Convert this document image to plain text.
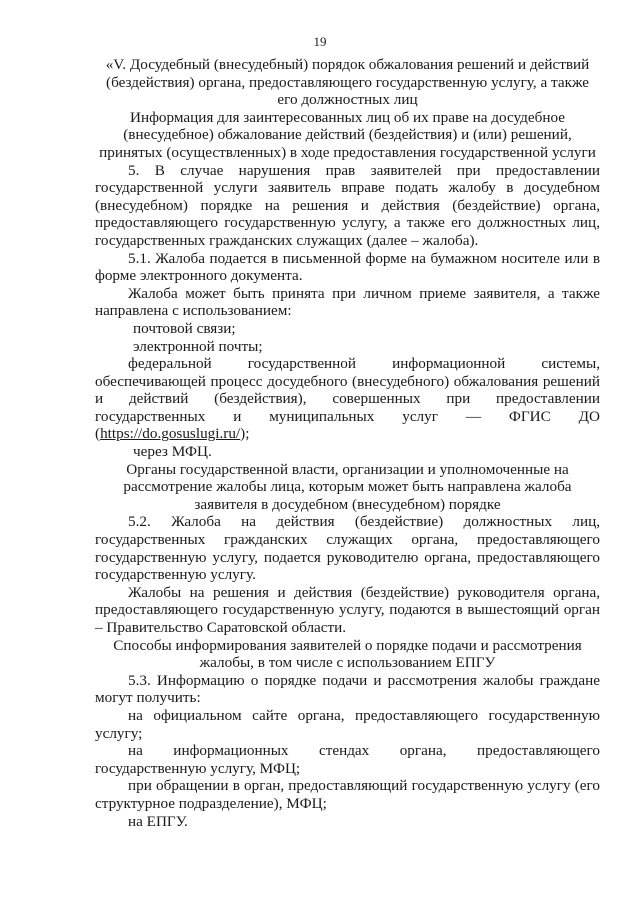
19

«V. Досудебный (внесудебный) порядок обжалования решений и действий (бездействия) органа, предоставляющего государственную услугу, а также его должностных лиц

Информация для заинтересованных лиц об их праве на досудебное (внесудебное) обжалование действий (бездействия) и (или) решений, принятых (осуществленных) в ходе предоставления государственной услуги

5. В случае нарушения прав заявителей при предоставлении государственной услуги заявитель вправе подать жалобу в досудебном (внесудебном) порядке на решения и действия (бездействие) органа, предоставляющего государственную услугу, а также его должностных лиц, государственных гражданских служащих (далее – жалоба).

5.1. Жалоба подается в письменной форме на бумажном носителе или в форме электронного документа.

Жалоба может быть принята при личном приеме заявителя, а также направлена с использованием:

почтовой связи;

электронной почты;

федеральной государственной информационной системы, обеспечивающей процесс досудебного (внесудебного) обжалования решений и действий (бездействия), совершенных при предоставлении государственных и муниципальных услуг — ФГИС ДО (https://do.gosuslugi.ru/);

через МФЦ.

Органы государственной власти, организации и уполномоченные на рассмотрение жалобы лица, которым может быть направлена жалоба заявителя в досудебном (внесудебном) порядке

5.2. Жалоба на действия (бездействие) должностных лиц, государственных гражданских служащих органа, предоставляющего государственную услугу, подается руководителю органа, предоставляющего государственную услугу.

Жалобы на решения и действия (бездействие) руководителя органа, предоставляющего государственную услугу, подаются в вышестоящий орган – Правительство Саратовской области.

Способы информирования заявителей о порядке подачи и рассмотрения жалобы, в том числе с использованием ЕПГУ

5.3. Информацию о порядке подачи и рассмотрения жалобы граждане могут получить:

на официальном сайте органа, предоставляющего государственную услугу;

на информационных стендах органа, предоставляющего государственную услугу, МФЦ;

при обращении в орган, предоставляющий государственную услугу (его структурное подразделение), МФЦ;

на ЕПГУ.
